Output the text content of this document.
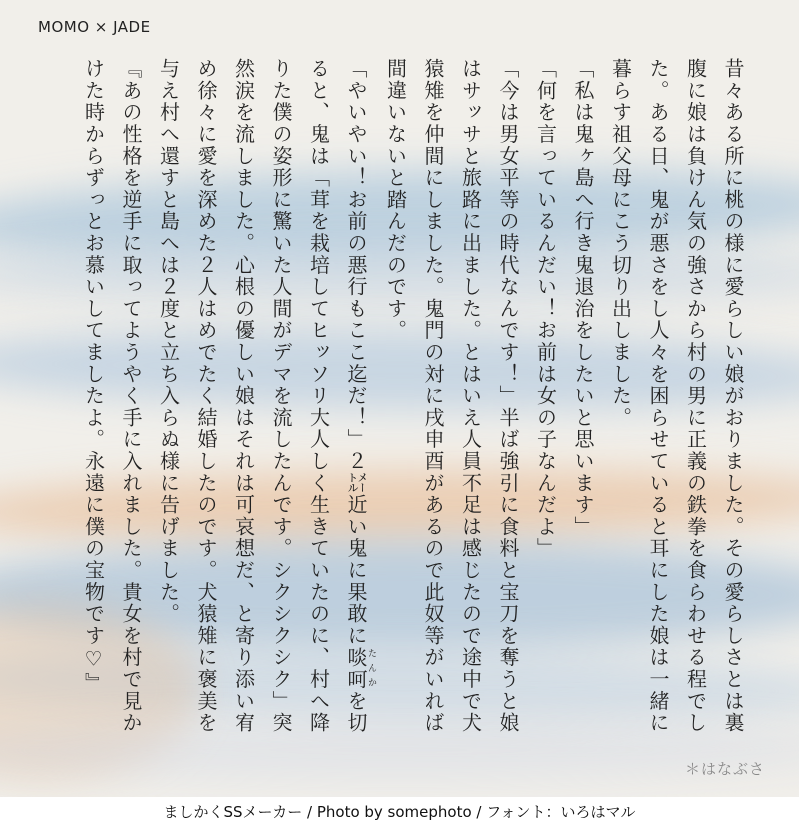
MOMO × JADE

昔々ある所に桃の様に愛らしい娘がおりました。その愛らしさとは裏腹に娘は負けん気の強さから村の男に正義の鉄拳を食らわせる程でした。ある日、鬼が悪さをし人々を困らせていると耳にした娘は一緒に暮らす祖父母にこう切り出しました。

「私は鬼ヶ島へ行き鬼退治をしたいと思います」

「何を言っているんだい！お前は女の子なんだよ」

「今は男女平等の時代なんです！」半ば強引に食料と宝刀を奪うと娘はサッサと旅路に出ました。とはいえ人員不足は感じたので途中で犬猿雉を仲間にしました。鬼門の対に戌申酉があるので此奴等がいれば間違いないと踏んだのです。

「やいやい！お前の悪行もここ迄だ！」２㍍近い鬼に果敢に啖呵たんかを切ると、鬼は「茸を栽培してヒッソリ大人しく生きていたのに、村へ降りた僕の姿形に驚いた人間がデマを流したんです。シクシクシク」突然涙を流しました。心根の優しい娘はそれは可哀想だ、と寄り添い宥め徐々に愛を深めた２人はめでたく結婚したのです。犬猿雉に褒美を与え村へ還すと島へは２度と立ち入らぬ様に告げました。

『あの性格を逆手に取ってようやく手に入れました。貴女を村で見かけた時からずっとお慕いしてましたよ。永遠に僕の宝物です♡』

＊はなぶさ
ましかくSSメーカー / Photo by somephoto / フォント：いろはマル
